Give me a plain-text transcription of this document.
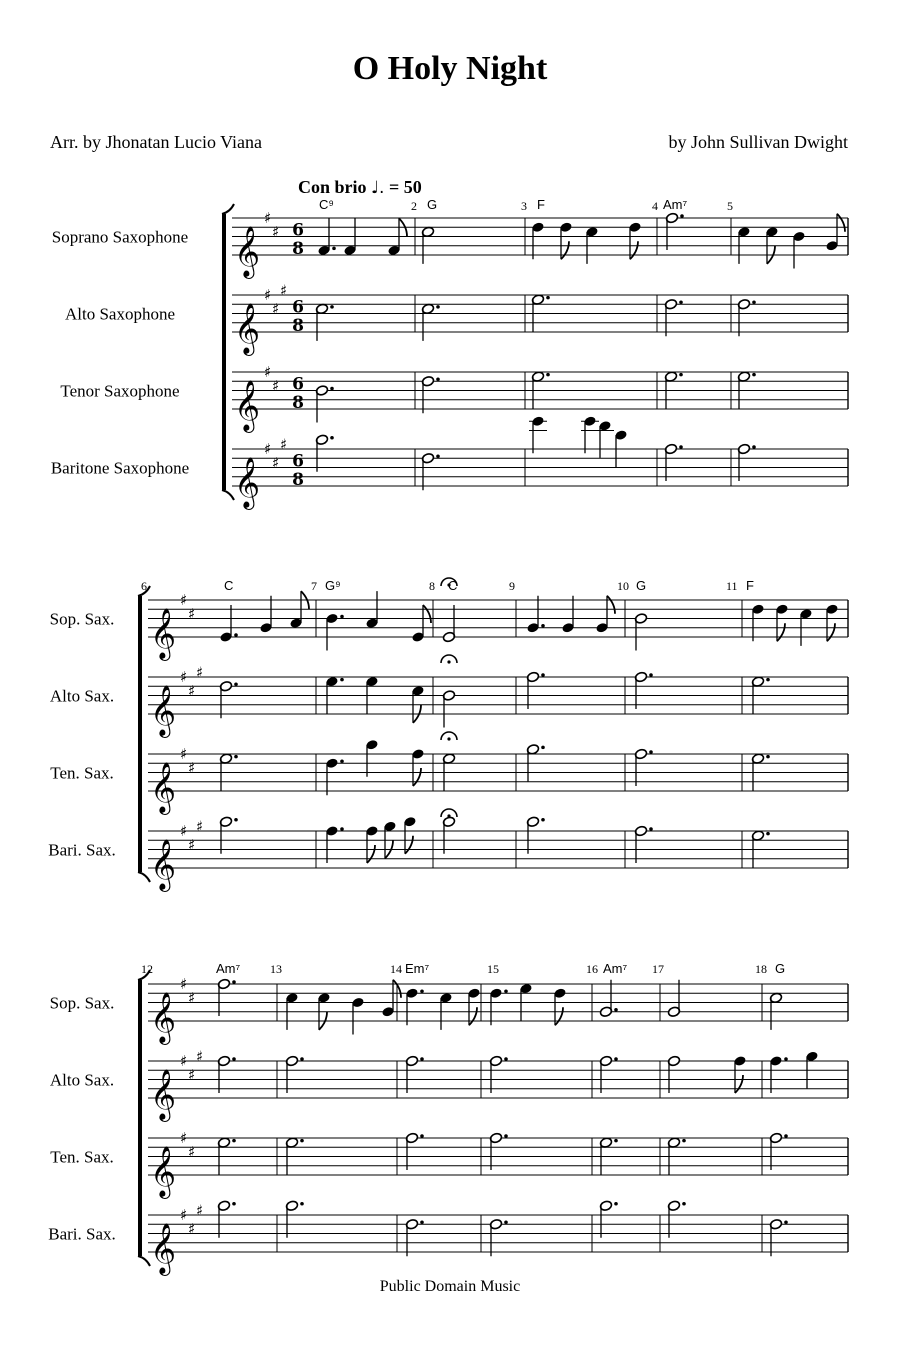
O Holy Night
Arr. by Jhonatan Lucio Viana	by John Sullivan Dwight
Con brio ♩. = 50
Public Domain Music
Soprano Saxophone 𝄞
♯
♯ 6
8
Alto Saxophone 𝄞
♯
♯
♯
6
8
Tenor Saxophone 𝄞
♯
♯ 6
8
Baritone Saxophone 𝄞
♯
♯
♯
6
8
C⁹	2 G	3 F	4 Am⁷	5
Sop. Sax. 𝄞
♯
♯
Alto Sax. 𝄞
♯
♯
♯
Ten. Sax. 𝄞
♯
♯
Bari. Sax. 𝄞
♯
♯
♯
6	C	7 G⁹	8 C	9	10 G	11 F
Sop. Sax. 𝄞
♯
♯
Alto Sax. 𝄞
♯
♯
♯
Ten. Sax. 𝄞
♯
♯
Bari. Sax. 𝄞
♯
♯
♯
12	Am⁷ 13	14 Em⁷	15	16 Am⁷ 17	18 G
